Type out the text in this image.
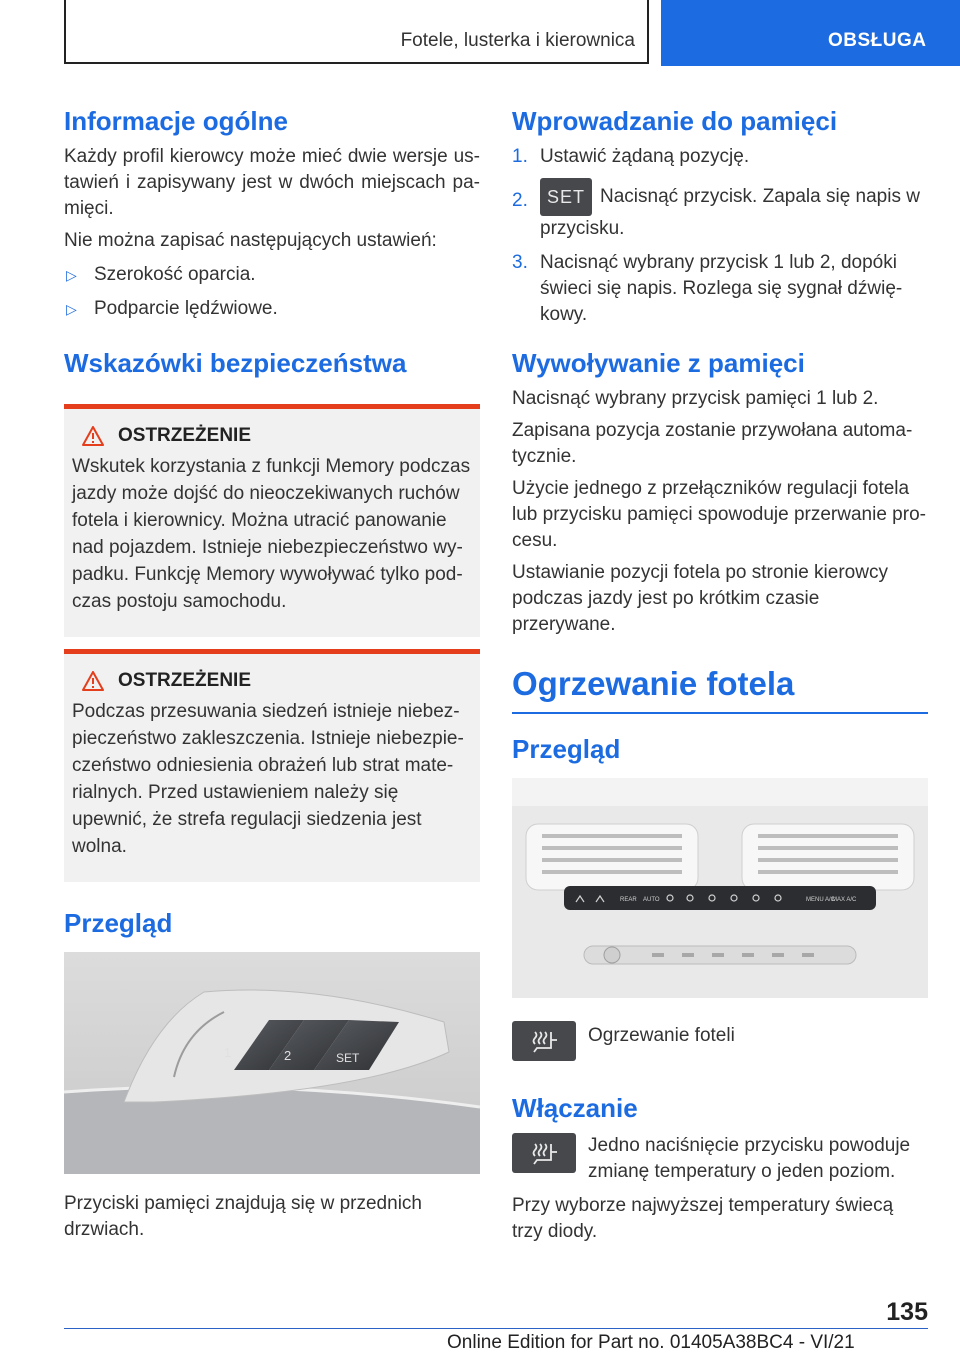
Fotele, lusterka i kierownica	OBSŁUGA
Informacje ogólne

Każdy profil kierowcy może mieć dwie wersje us-tawień i zapisywany jest w dwóch miejscach pa-mięci.

Nie można zapisać następujących ustawień:

▷ Szerokość oparcia.
▷ Podparcie lędźwiowe.
Wskazówki bezpieczeństwa
OSTRZEŻENIE

Wskutek korzystania z funkcji Memory podczas jazdy może dojść do nieoczekiwanych ruchów fotela i kierownicy. Można utracić panowanie nad pojazdem. Istnieje niebezpieczeństwo wy-padku. Funkcję Memory wywoływać tylko pod-czas postoju samochodu.

OSTRZEŻENIE

Podczas przesuwania siedzeń istnieje niebez-pieczeństwo zakleszczenia. Istnieje niebezpie-czeństwo odniesienia obrażeń lub strat mate-rialnych. Przed ustawieniem należy się upewnić, że strefa regulacji siedzenia jest wolna.

Przegląd
1	2	SET

Przyciski pamięci znajdują się w przednich drzwiach.

Wprowadzanie do pamięci
1. Ustawić żądaną pozycję.
2.	SET Nacisnąć przycisk. Zapala się napis w przycisku.
3. Nacisnąć wybrany przycisk 1 lub 2, dopóki świeci się napis. Rozlega się sygnał dźwię-kowy.
Wywoływanie z pamięci

Nacisnąć wybrany przycisk pamięci 1 lub 2.

Zapisana pozycja zostanie przywołana automa-tycznie.

Użycie jednego z przełączników regulacji fotela lub przycisku pamięci spowoduje przerwanie pro-cesu.

Ustawianie pozycji fotela po stronie kierowcy podczas jazdy jest po krótkim czasie przerywane.

Ogrzewanie fotela
Przegląd
REAR AUTO	MENU A/C
MAX A/C

Ogrzewanie foteli

Włączanie

Jedno naciśnięcie przycisku powoduje zmianę temperatury o jeden poziom.

Przy wyborze najwyższej temperatury świecą trzy diody.

135
Online Edition for Part no. 01405A38BC4 - VI/21
